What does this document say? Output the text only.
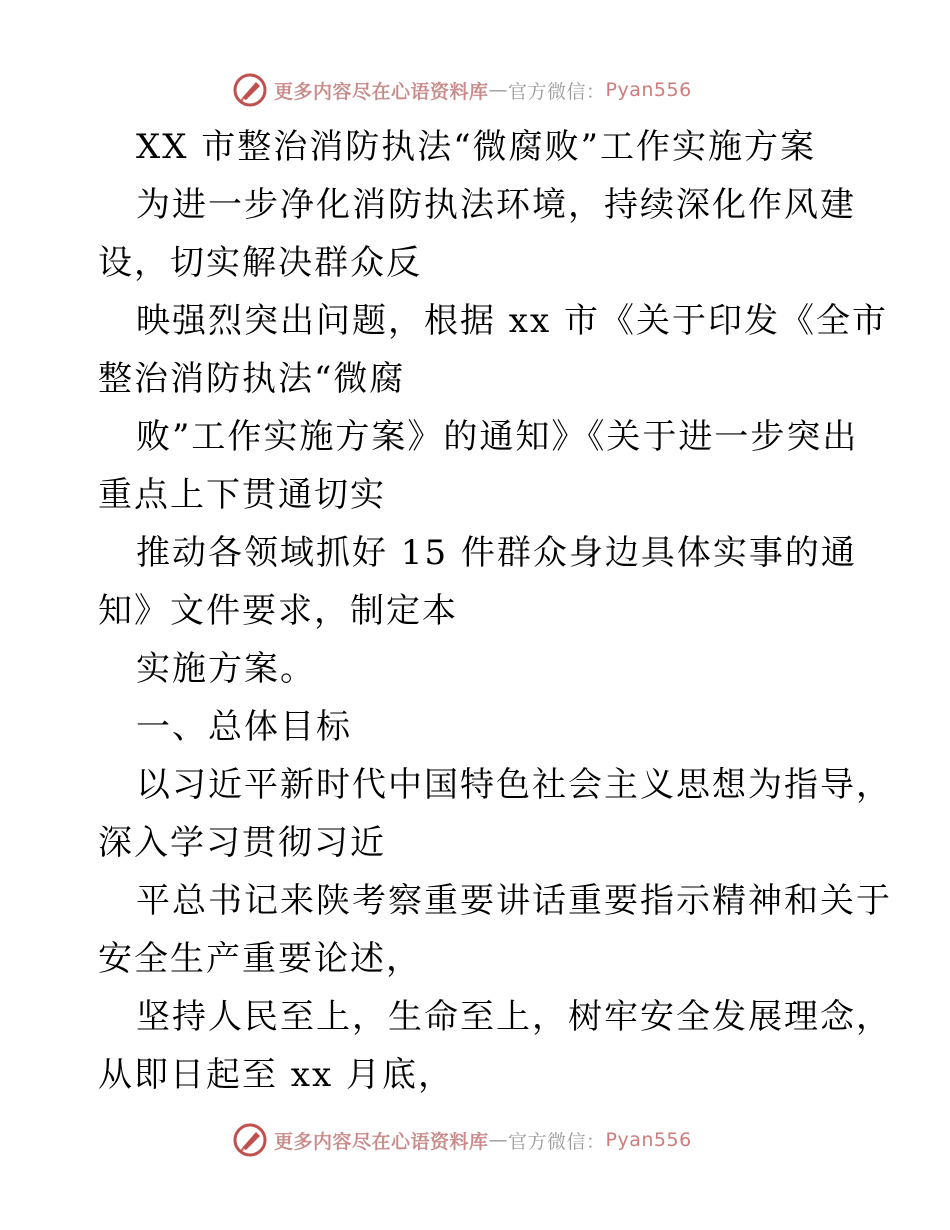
更多内容尽在心语资料库 — 官方微信： Pyan556
XX 市整治消防执法“微腐败”工作实施方案
为进一步净化消防执法环境，持续深化作风建
设，切实解决群众反
映强烈突出问题，根据 xx 市《关于印发《全市
整治消防执法“微腐
败”工作实施方案》的通知》《关于进一步突出
重点上下贯通切实
推动各领域抓好 15 件群众身边具体实事的通
知》文件要求，制定本
实施方案。
一、总体目标
以习近平新时代中国特色社会主义思想为指导，
深入学习贯彻习近
平总书记来陕考察重要讲话重要指示精神和关于
安全生产重要论述，
坚持人民至上，生命至上，树牢安全发展理念，
从即日起至 xx 月底，
更多内容尽在心语资料库 — 官方微信： Pyan556
